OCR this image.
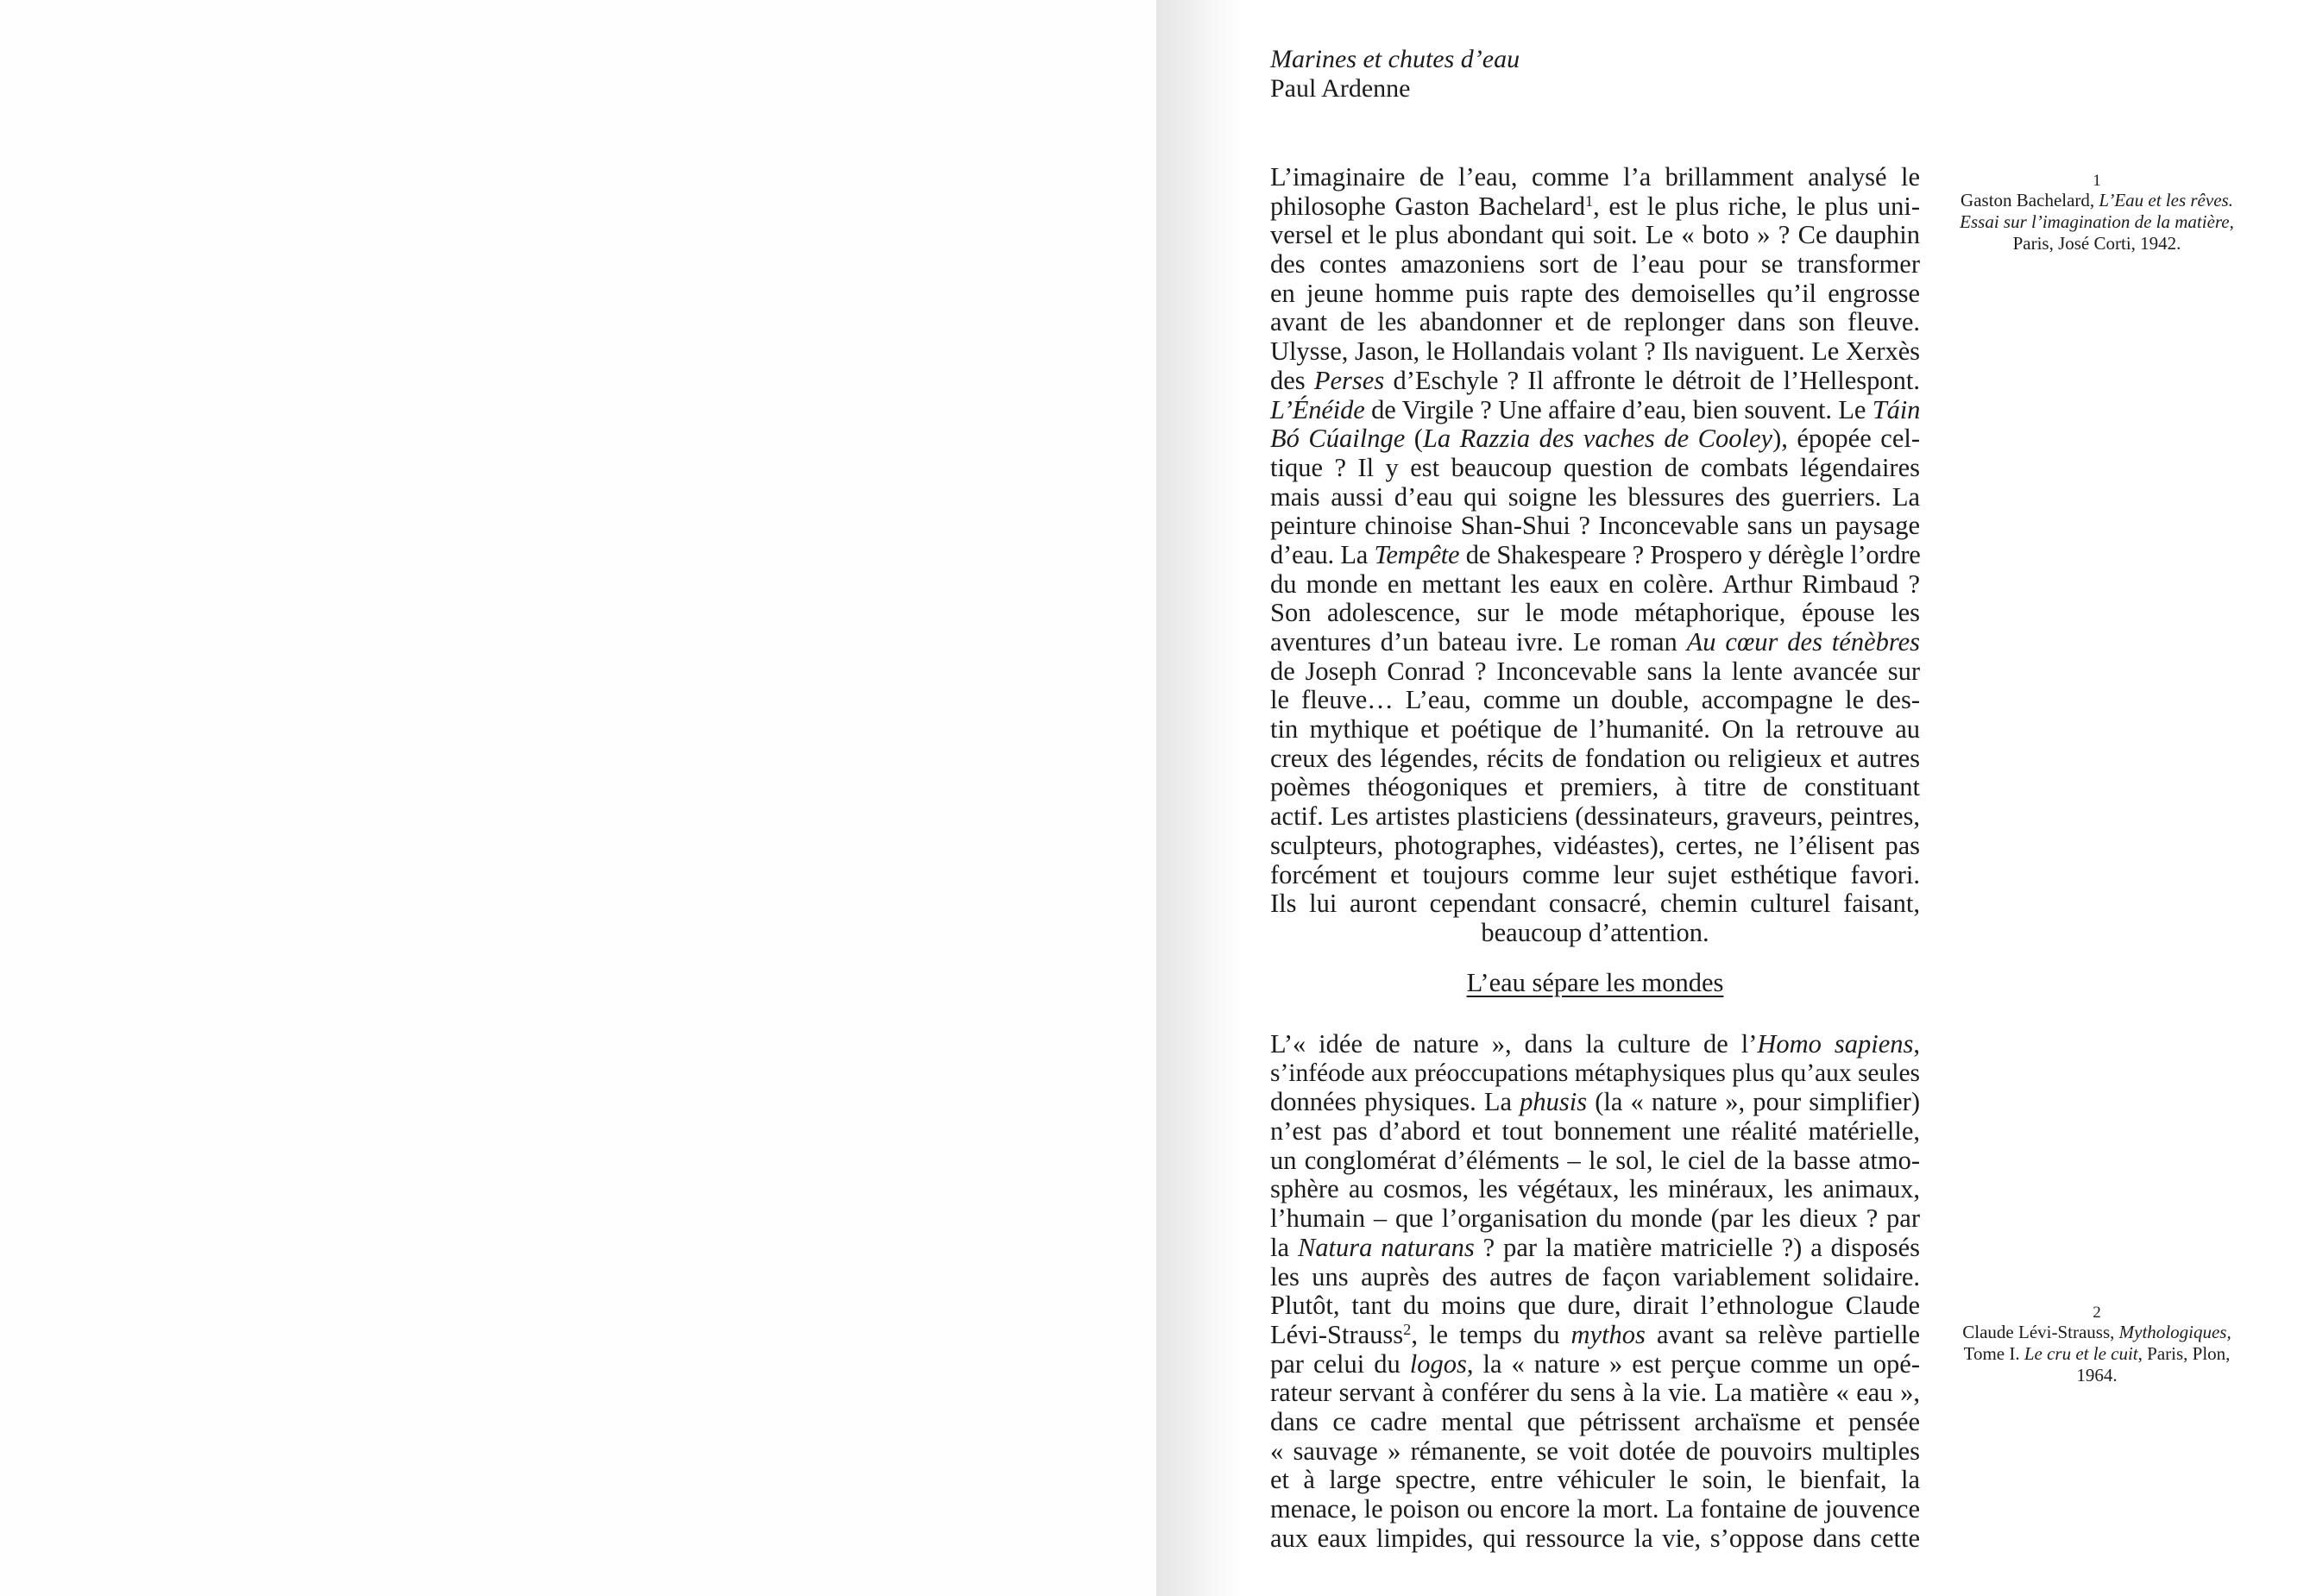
Marines et chutes d’eau
Paul Ardenne
L’imaginaire de l’eau, comme l’a brillamment analysé le
philosophe Gaston Bachelard$^1$, est le plus riche, le plus uni-
versel et le plus abondant qui soit. Le « boto » ? Ce dauphin
des contes amazoniens sort de l’eau pour se transformer
en jeune homme puis rapte des demoiselles qu’il engrosse
avant de les abandonner et de replonger dans son fleuve.
Ulysse, Jason, le Hollandais volant ? Ils naviguent. Le Xerxès
des Perses d’Eschyle ? Il affronte le détroit de l’Hellespont.
L’Énéide de Virgile ? Une affaire d’eau, bien souvent. Le Táin
Bó Cúailnge (La Razzia des vaches de Cooley), épopée cel-
tique ? Il y est beaucoup question de combats légendaires
mais aussi d’eau qui soigne les blessures des guerriers. La
peinture chinoise Shan-Shui ? Inconcevable sans un paysage
d’eau. La Tempête de Shakespeare ? Prospero y dérègle l’ordre
du monde en mettant les eaux en colère. Arthur Rimbaud ?
Son adolescence, sur le mode métaphorique, épouse les
aventures d’un bateau ivre. Le roman Au cœur des ténèbres
de Joseph Conrad ? Inconcevable sans la lente avancée sur
le fleuve… L’eau, comme un double, accompagne le des-
tin mythique et poétique de l’humanité. On la retrouve au
creux des légendes, récits de fondation ou religieux et autres
poèmes théogoniques et premiers, à titre de constituant
actif. Les artistes plasticiens (dessinateurs, graveurs, peintres,
sculpteurs, photographes, vidéastes), certes, ne l’élisent pas
forcément et toujours comme leur sujet esthétique favori.
Ils lui auront cependant consacré, chemin culturel faisant,
beaucoup d’attention.
L’eau sépare les mondes
L’« idée de nature », dans la culture de l’Homo sapiens,
s’inféode aux préoccupations métaphysiques plus qu’aux seules
données physiques. La phusis (la « nature », pour simplifier)
n’est pas d’abord et tout bonnement une réalité matérielle,
un conglomérat d’éléments – le sol, le ciel de la basse atmo-
sphère au cosmos, les végétaux, les minéraux, les animaux,
l’humain – que l’organisation du monde (par les dieux ? par
la Natura naturans ? par la matière matricielle ?) a disposés
les uns auprès des autres de façon variablement solidaire.
Plutôt, tant du moins que dure, dirait l’ethnologue Claude
Lévi-Strauss$^2$, le temps du mythos avant sa relève partielle
par celui du logos, la « nature » est perçue comme un opé-
rateur servant à conférer du sens à la vie. La matière « eau »,
dans ce cadre mental que pétrissent archaïsme et pensée
« sauvage » rémanente, se voit dotée de pouvoirs multiples
et à large spectre, entre véhiculer le soin, le bienfait, la
menace, le poison ou encore la mort. La fontaine de jouvence
aux eaux limpides, qui ressource la vie, s’oppose dans cette
1
Gaston Bachelard, L’Eau et les rêves.
Essai sur l’imagination de la matière,
Paris, José Corti, 1942.
2
Claude Lévi-Strauss, Mythologiques,
Tome I. Le cru et le cuit, Paris, Plon,
1964.
